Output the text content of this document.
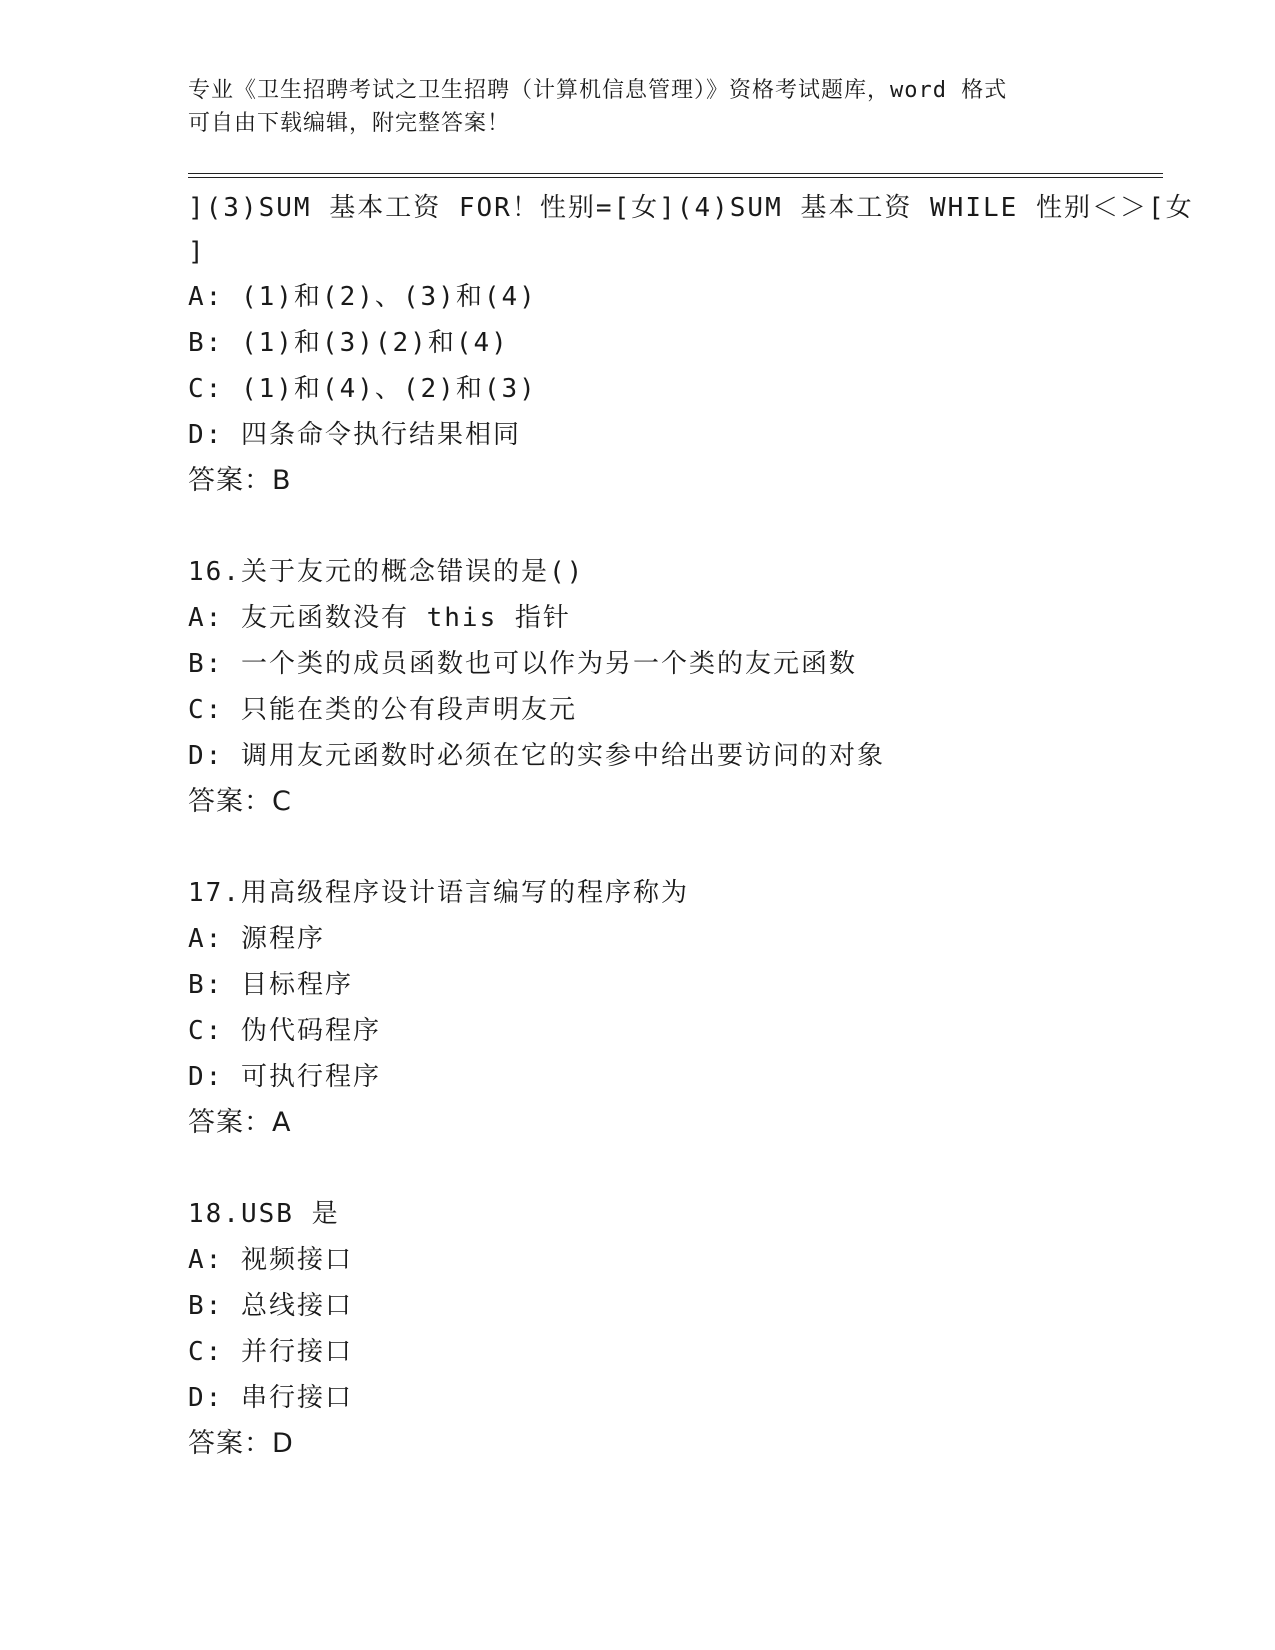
专业《卫生招聘考试之卫生招聘（计算机信息管理）》资格考试题库，word 格式
可自由下载编辑，附完整答案！
](3)SUM 基本工资 FOR！性别=[女](4)SUM 基本工资 WHILE 性别＜＞[女
]
A: (1)和(2)、(3)和(4)
B: (1)和(3)(2)和(4)
C: (1)和(4)、(2)和(3)
D: 四条命令执行结果相同
答案：B
16.关于友元的概念错误的是()
A: 友元函数没有 this 指针
B: 一个类的成员函数也可以作为另一个类的友元函数
C: 只能在类的公有段声明友元
D: 调用友元函数时必须在它的实参中给出要访问的对象
答案：C
17.用高级程序设计语言编写的程序称为
A: 源程序
B: 目标程序
C: 伪代码程序
D: 可执行程序
答案：A
18.USB 是
A: 视频接口
B: 总线接口
C: 并行接口
D: 串行接口
答案：D
